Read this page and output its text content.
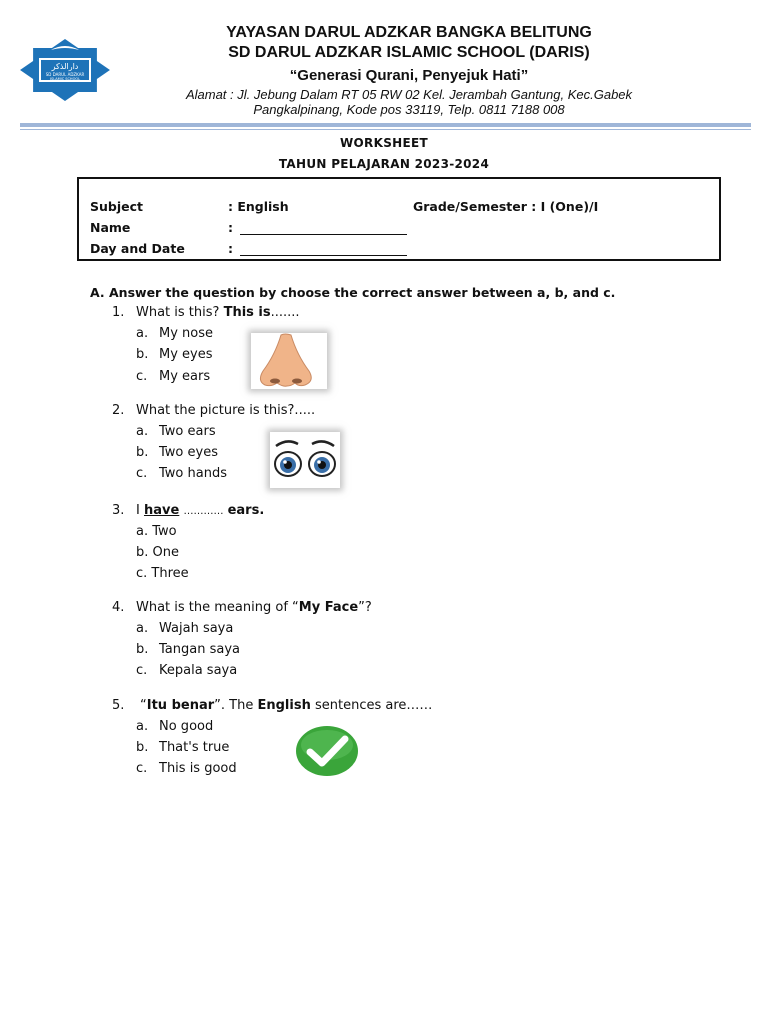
دارالذكر
SD DARUL ADZKAR
ISLAMIC SCHOOL
YAYASAN DARUL ADZKAR BANGKA BELITUNG
SD DARUL ADZKAR ISLAMIC SCHOOL (DARIS)
“Generasi Qurani, Penyejuk Hati”
Alamat : Jl. Jebung Dalam RT 05 RW 02 Kel. Jerambah Gantung, Kec.Gabek
Pangkalpinang, Kode pos 33119, Telp. 0811 7188 008
WORKSHEET
TAHUN PELAJARAN 2023-2024
Subject	: English	Grade/Semester : I (One)/I
Name	:
Day and Date	:
A. Answer the question by choose the correct answer between a, b, and c.
1. What is this? This is.......
a. My nose
b. My eyes
c. My ears
2. What the picture is this?.....
a. Two ears
b. Two eyes
c. Two hands
3. I have ………… ears.
a. Two
b. One
c. Three
4. What is the meaning of “My Face”?
a. Wajah saya
b. Tangan saya
c. Kepala saya
5. “Itu benar”. The English sentences are……
a. No good
b. That's true
c. This is good
